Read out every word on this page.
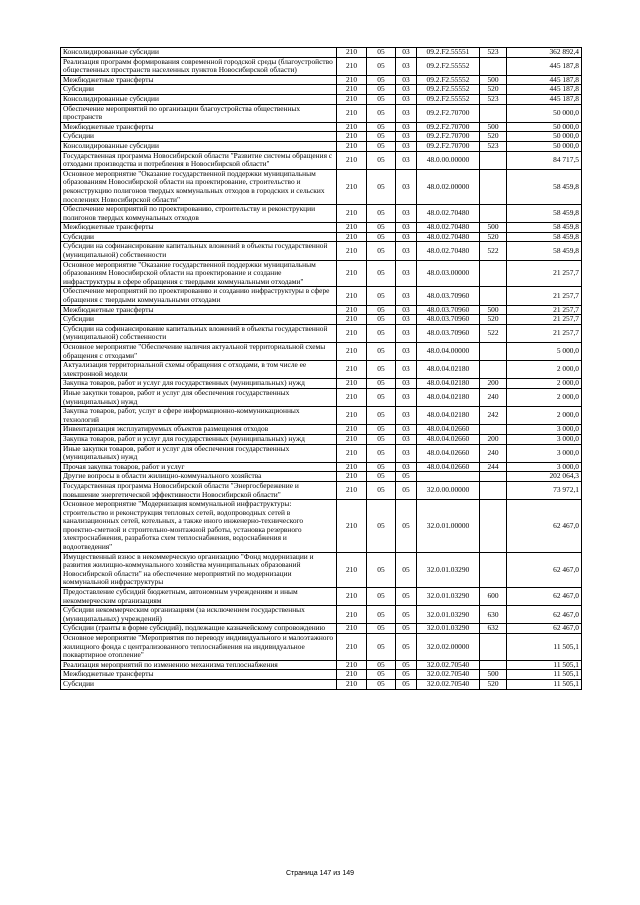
Консолидированные субсидии	210	05	03	09.2.F2.55551	523	362 892,4
Реализация программ формирования современной городской среды (благоустройство общественных пространств населенных пунктов Новосибирской области)	210	05	03	09.2.F2.55552		445 187,8
Межбюджетные трансферты	210	05	03	09.2.F2.55552	500	445 187,8
Субсидии	210	05	03	09.2.F2.55552	520	445 187,8
Консолидированные субсидии	210	05	03	09.2.F2.55552	523	445 187,8
Обеспечение мероприятий по организации благоустройства общественных пространств	210	05	03	09.2.F2.70700		50 000,0
Межбюджетные трансферты	210	05	03	09.2.F2.70700	500	50 000,0
Субсидии	210	05	03	09.2.F2.70700	520	50 000,0
Консолидированные субсидии	210	05	03	09.2.F2.70700	523	50 000,0
Государственная программа Новосибирской области "Развитие системы обращения с отходами производства и потребления в Новосибирской области"	210	05	03	48.0.00.00000		84 717,5
Основное мероприятие "Оказание государственной поддержки муниципальным образованиям Новосибирской области на проектирование, строительство и реконструкцию полигонов твердых коммунальных отходов в городских и сельских поселениях Новосибирской области"	210	05	03	48.0.02.00000		58 459,8
Обеспечение мероприятий по проектированию, строительству и реконструкции полигонов твердых коммунальных отходов	210	05	03	48.0.02.70480		58 459,8
Межбюджетные трансферты	210	05	03	48.0.02.70480	500	58 459,8
Субсидии	210	05	03	48.0.02.70480	520	58 459,8
Субсидии на софинансирование капитальных вложений в объекты государственной (муниципальной) собственности	210	05	03	48.0.02.70480	522	58 459,8
Основное мероприятие "Оказание государственной поддержки муниципальным образованиям Новосибирской области на проектирование и создание инфраструктуры в сфере обращения с твердыми коммунальными отходами"	210	05	03	48.0.03.00000		21 257,7
Обеспечение мероприятий по проектированию и созданию инфраструктуры в сфере обращения с твердыми коммунальными отходами	210	05	03	48.0.03.70960		21 257,7
Межбюджетные трансферты	210	05	03	48.0.03.70960	500	21 257,7
Субсидии	210	05	03	48.0.03.70960	520	21 257,7
Субсидии на софинансирование капитальных вложений в объекты государственной (муниципальной) собственности	210	05	03	48.0.03.70960	522	21 257,7
Основное мероприятие "Обеспечение наличия актуальной территориальной схемы обращения с отходами"	210	05	03	48.0.04.00000		5 000,0
Актуализация территориальной схемы обращения с отходами, в том числе ее электронной модели	210	05	03	48.0.04.02180		2 000,0
Закупка товаров, работ и услуг для государственных (муниципальных) нужд	210	05	03	48.0.04.02180	200	2 000,0
Иные закупки товаров, работ и услуг для обеспечения государственных (муниципальных) нужд	210	05	03	48.0.04.02180	240	2 000,0
Закупка товаров, работ, услуг в сфере информационно-коммуникационных технологий	210	05	03	48.0.04.02180	242	2 000,0
Инвентаризация эксплуатируемых объектов размещения отходов	210	05	03	48.0.04.02660		3 000,0
Закупка товаров, работ и услуг для государственных (муниципальных) нужд	210	05	03	48.0.04.02660	200	3 000,0
Иные закупки товаров, работ и услуг для обеспечения государственных (муниципальных) нужд	210	05	03	48.0.04.02660	240	3 000,0
Прочая закупка товаров, работ и услуг	210	05	03	48.0.04.02660	244	3 000,0
Другие вопросы в области жилищно-коммунального хозяйства	210	05	05			202 064,3
Государственная программа Новосибирской области "Энергосбережение и повышение энергетической эффективности Новосибирской области"	210	05	05	32.0.00.00000		73 972,1
Основное мероприятие "Модернизация коммунальной инфраструктуры: строительство и реконструкция тепловых сетей, водопроводных сетей в канализационных сетей, котельных, а также иного инженерно-технического проектно-сметной и строительно-монтажной работы, установка резервного электроснабжения, разработка схем теплоснабжения, водоснабжения и водоотведения"	210	05	05	32.0.01.00000		62 467,0
Имущественный взнос в некоммерческую организацию "Фонд модернизации и развития жилищно-коммунального хозяйства муниципальных образований Новосибирской области" на обеспечение мероприятий по модернизации коммунальной инфраструктуры	210	05	05	32.0.01.03290		62 467,0
Предоставление субсидий бюджетным, автономным учреждениям и иным некоммерческим организациям	210	05	05	32.0.01.03290	600	62 467,0
Субсидии некоммерческим организациям (за исключением государственных (муниципальных) учреждений)	210	05	05	32.0.01.03290	630	62 467,0
Субсидии (гранты в форме субсидий), подлежащие казначейскому сопровождению	210	05	05	32.0.01.03290	632	62 467,0
Основное мероприятие "Мероприятия по переводу индивидуального и малоэтажного жилищного фонда с централизованного теплоснабжения на индивидуальное поквартирное отопление"	210	05	05	32.0.02.00000		11 505,1
Реализация мероприятий по изменению механизма теплоснабжения	210	05	05	32.0.02.70540		11 505,1
Межбюджетные трансферты	210	05	05	32.0.02.70540	500	11 505,1
Субсидии	210	05	05	32.0.02.70540	520	11 505,1
Страница 147 из 149
